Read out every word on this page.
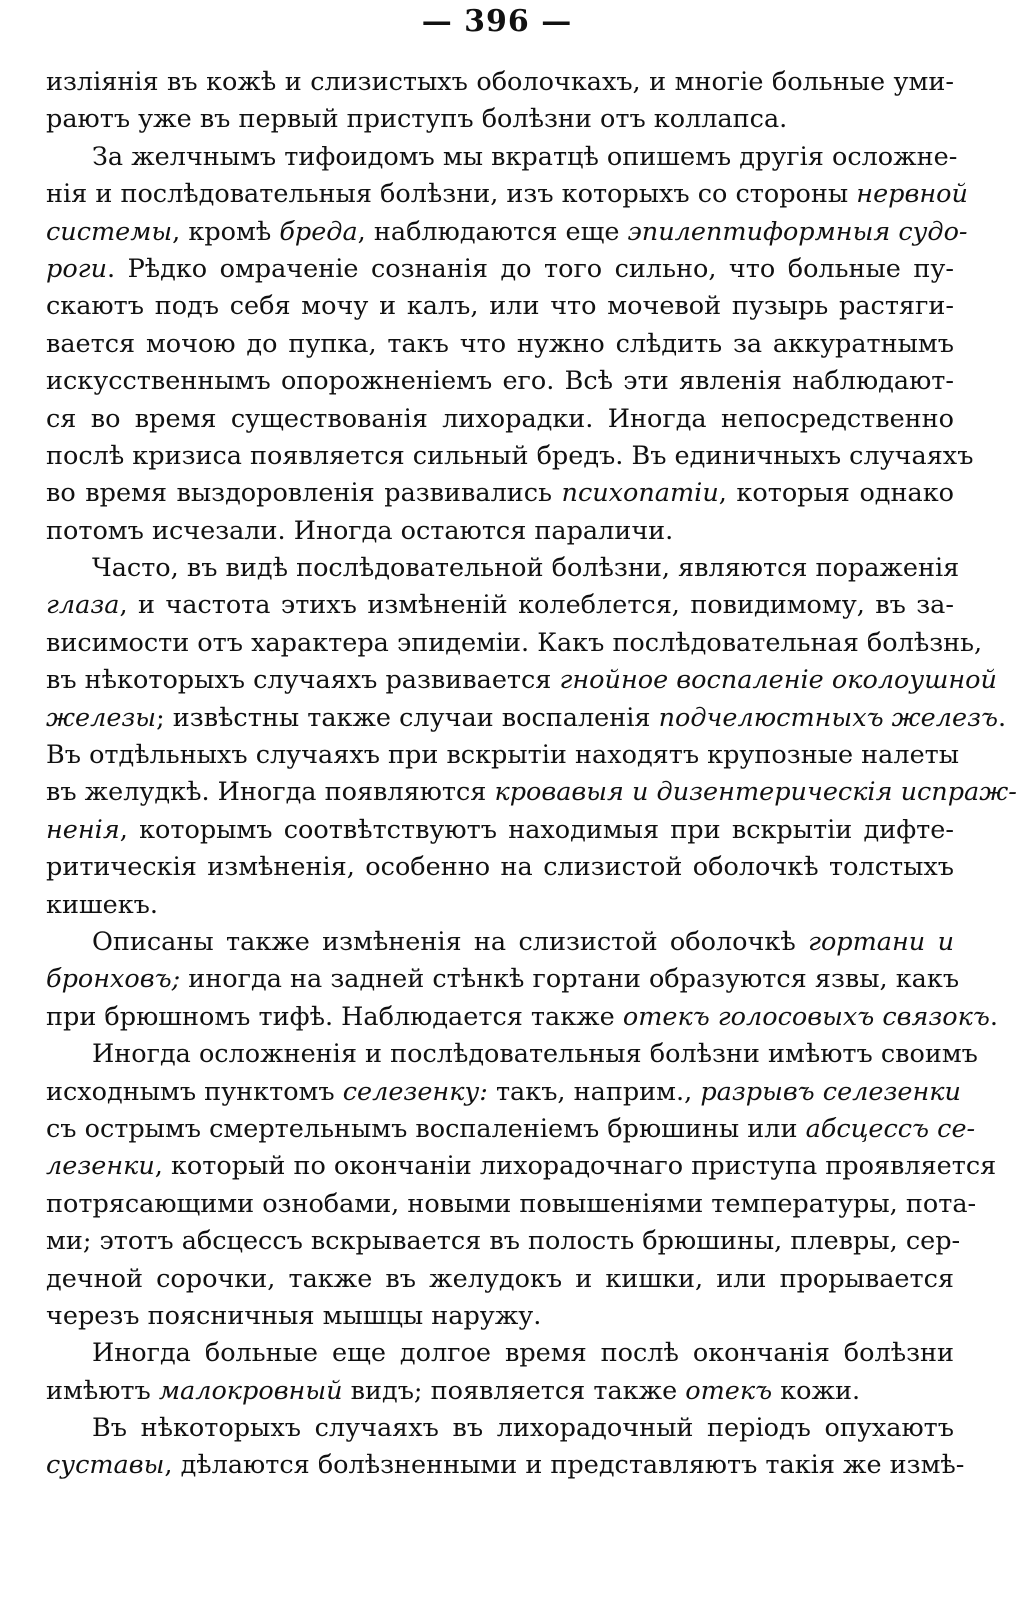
— 396 —
изліянія въ кожѣ и слизистыхъ оболочкахъ, и многіе больные уми-
раютъ уже въ первый приступъ болѣзни отъ коллапса.
За желчнымъ тифоидомъ мы вкратцѣ опишемъ другія осложне-
нія и послѣдовательныя болѣзни, изъ которыхъ со стороны нервной
системы, кромѣ бреда, наблюдаются еще эпилептиформныя судо-
роги. Рѣдко омраченіе сознанія до того сильно, что больные пу-
скаютъ подъ себя мочу и калъ, или что мочевой пузырь растяги-
вается мочою до пупка, такъ что нужно слѣдить за аккуратнымъ
искусственнымъ опорожненіемъ его. Всѣ эти явленія наблюдают-
ся во время существованія лихорадки. Иногда непосредственно
послѣ кризиса появляется сильный бредъ. Въ единичныхъ случаяхъ
во время выздоровленія развивались психопатіи, которыя однако
потомъ исчезали. Иногда остаются параличи.
Часто, въ видѣ послѣдовательной болѣзни, являются пораженія
глаза, и частота этихъ измѣненій колеблется, повидимому, въ за-
висимости отъ характера эпидеміи. Какъ послѣдовательная болѣзнь,
въ нѣкоторыхъ случаяхъ развивается гнойное воспаленіе околоушной
железы; извѣстны также случаи воспаленія подчелюстныхъ железъ.
Въ отдѣльныхъ случаяхъ при вскрытіи находятъ крупозные налеты
въ желудкѣ. Иногда появляются кровавыя и дизентерическія испраж-
ненія, которымъ соотвѣтствуютъ находимыя при вскрытіи дифте-
ритическія измѣненія, особенно на слизистой оболочкѣ толстыхъ
кишекъ.
Описаны также измѣненія на слизистой оболочкѣ гортани и
бронховъ; иногда на задней стѣнкѣ гортани образуются язвы, какъ
при брюшномъ тифѣ. Наблюдается также отекъ голосовыхъ связокъ.
Иногда осложненія и послѣдовательныя болѣзни имѣютъ своимъ
исходнымъ пунктомъ селезенку: такъ, наприм., разрывъ селезенки
съ острымъ смертельнымъ воспаленіемъ брюшины или абсцессъ се-
лезенки, который по окончаніи лихорадочнаго приступа проявляется
потрясающими ознобами, новыми повышеніями температуры, пота-
ми; этотъ абсцессъ вскрывается въ полость брюшины, плевры, сер-
дечной сорочки, также въ желудокъ и кишки, или прорывается
черезъ поясничныя мышцы наружу.
Иногда больные еще долгое время послѣ окончанія болѣзни
имѣютъ малокровный видъ; появляется также отекъ кожи.
Въ нѣкоторыхъ случаяхъ въ лихорадочный періодъ опухаютъ
суставы, дѣлаются болѣзненными и представляютъ такія же измѣ-
